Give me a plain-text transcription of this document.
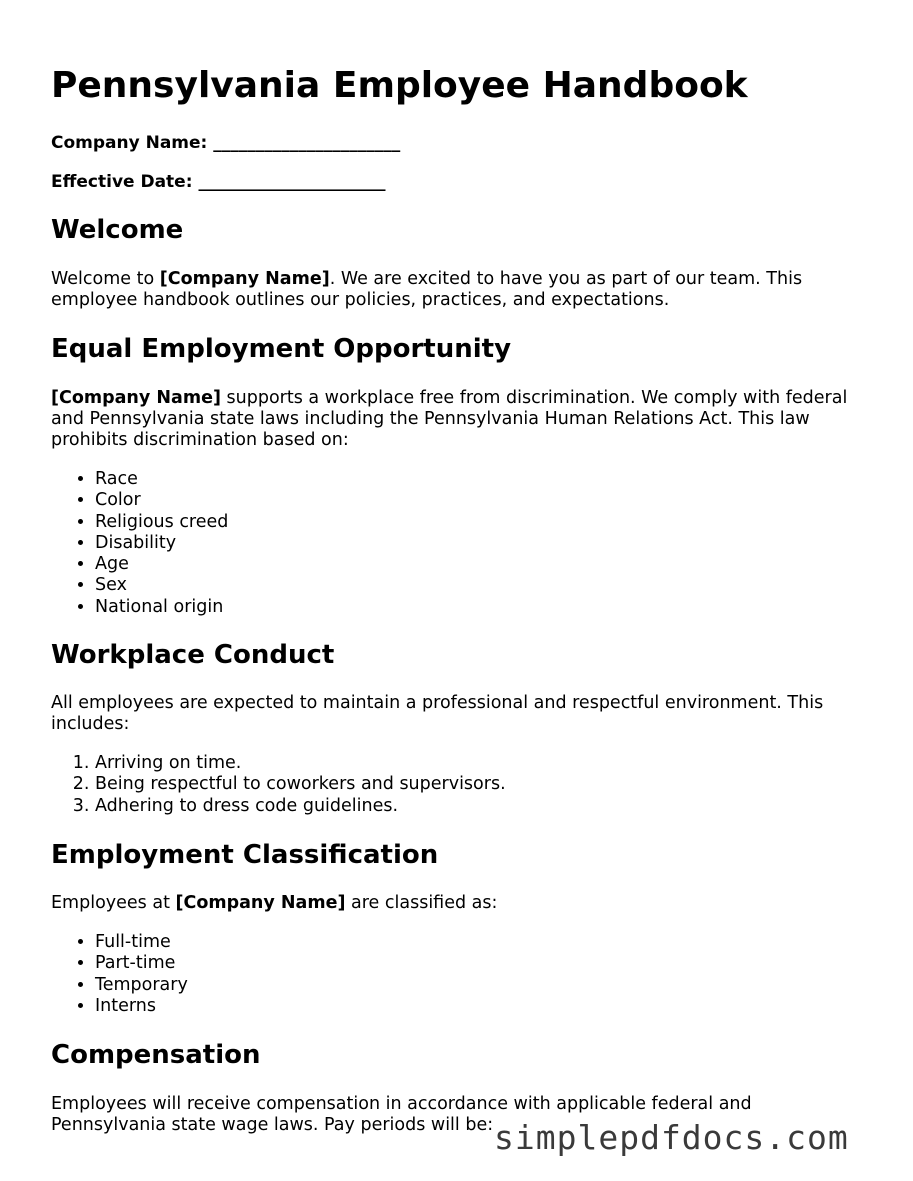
Pennsylvania Employee Handbook
Company Name: ______________________
Effective Date: ______________________
Welcome

Welcome to [Company Name]. We are excited to have you as part of our team. This employee handbook outlines our policies, practices, and expectations.

Equal Employment Opportunity

[Company Name] supports a workplace free from discrimination. We comply with federal and Pennsylvania state laws including the Pennsylvania Human Relations Act. This law prohibits discrimination based on:

• Race
• Color
• Religious creed
• Disability
• Age
• Sex
• National origin
Workplace Conduct

All employees are expected to maintain a professional and respectful environment. This includes:

1. Arriving on time.
2. Being respectful to coworkers and supervisors.
3. Adhering to dress code guidelines.
Employment Classification

Employees at [Company Name] are classified as:

• Full-time
• Part-time
• Temporary
• Interns
Compensation

Employees will receive compensation in accordance with applicable federal and Pennsylvania state wage laws. Pay periods will be: simplepdfdocs.com
